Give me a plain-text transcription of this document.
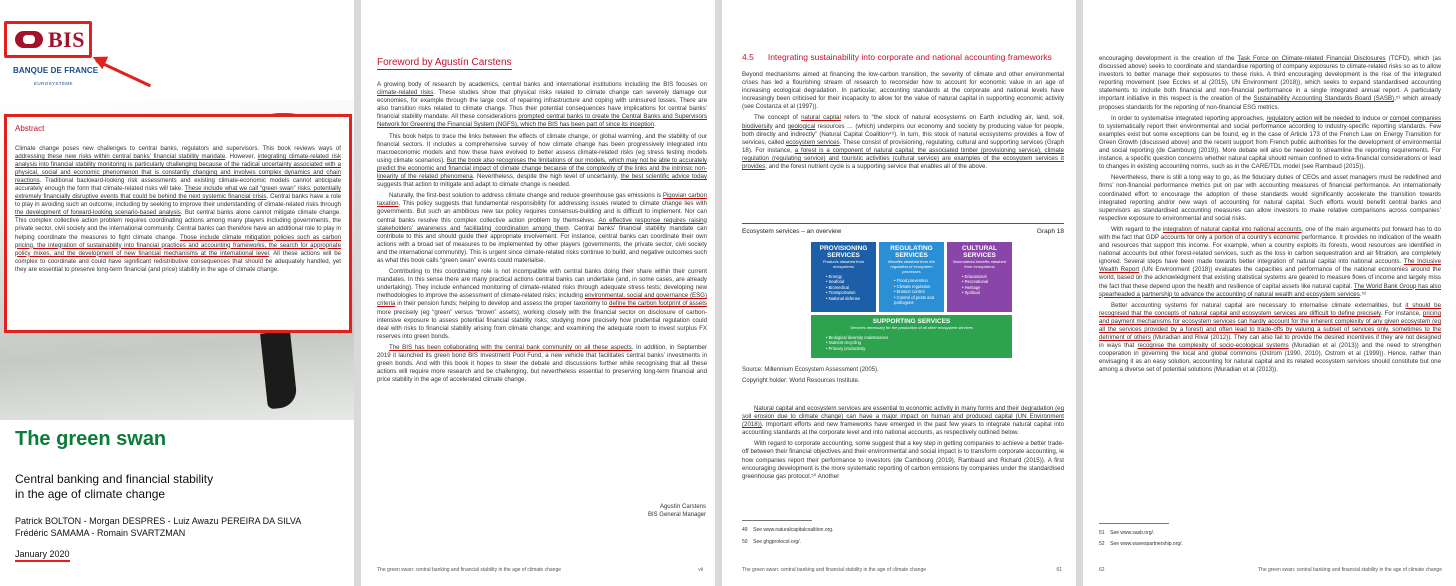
BIS
BANQUE DE FRANCE
EUROSYSTÈME
Abstract

Climate change poses new challenges to central banks, regulators and supervisors. This book reviews ways of addressing these new risks within central banks’ financial stability mandate. However, integrating climate-related risk analysis into financial stability monitoring is particularly challenging because of the radical uncertainty associated with a physical, social and economic phenomenon that is constantly changing and involves complex dynamics and chain reactions. Traditional backward-looking risk assessments and existing climate-economic models cannot anticipate accurately enough the form that climate-related risks will take. These include what we call “green swan” risks: potentially extremely financially disruptive events that could be behind the next systemic financial crisis. Central banks have a role to play in avoiding such an outcome, including by seeking to improve their understanding of climate-related risks through the development of forward-looking scenario-based analysis. But central banks alone cannot mitigate climate change. This complex collective action problem requires coordinating actions among many players including governments, the private sector, civil society and the international community. Central banks can therefore have an additional role to play in helping coordinate the measures to fight climate change. Those include climate mitigation policies such as carbon pricing, the integration of sustainability into financial practices and accounting frameworks, the search for appropriate policy mixes, and the development of new financial mechanisms at the international level. All these actions will be complex to coordinate and could have significant redistributive consequences that should be adequately handled, yet they are essential to preserve long-term financial (and price) stability in the age of climate change.

The green swan
Central banking and financial stability
in the age of climate change
Patrick BOLTON - Morgan DESPRES - Luiz Awazu PEREIRA DA SILVA
Frédéric SAMAMA - Romain SVARTZMAN
January 2020
Foreword by Agustín Carstens

A growing body of research by academics, central banks and international institutions including the BIS focuses on climate-related risks. These studies show that physical risks related to climate change can severely damage our economies, for example through the large cost of repairing infrastructure and coping with uninsured losses. There are also transition risks related to climate change. Thus their potential consequences have implications for central banks’ financial stability mandate. All these considerations prompted central banks to create the Central Banks and Supervisors Network for Greening the Financial System (NGFS), which the BIS has been part of since its inception.

This book helps to trace the links between the effects of climate change, or global warming, and the stability of our financial sectors. It includes a comprehensive survey of how climate change has been progressively integrated into macroeconomic models and how these have evolved to better assess climate-related risks (eg stress testing models using climate scenarios). But the book also recognises the limitations of our models, which may not be able to accurately predict the economic and financial impact of climate change because of the complexity of the links and the intrinsic non-linearity of the related phenomena. Nevertheless, despite the high level of uncertainty, the best scientific advice today suggests that action to mitigate and adapt to climate change is needed.

Naturally, the first-best solution to address climate change and reduce greenhouse gas emissions is Pigovian carbon taxation. This policy suggests that fundamental responsibility for addressing issues related to climate change lies with governments. But such an ambitious new tax policy requires consensus-building and is difficult to implement. Nor can central banks resolve this complex collective action problem by themselves. An effective response requires raising stakeholders’ awareness and facilitating coordination among them. Central banks’ financial stability mandate can contribute to this and should guide their appropriate involvement. For instance, central banks can coordinate their own actions with a broad set of measures to be implemented by other players (governments, the private sector, civil society and the international community). This is urgent since climate-related risks continue to build, and negative outcomes such as what this book calls “green swan” events could materialise.

Contributing to this coordinating role is not incompatible with central banks doing their share within their current mandates. In this sense there are many practical actions central banks can undertake (and, in some cases, are already undertaking). They include enhanced monitoring of climate-related risks through adequate stress tests; developing new methodologies to improve the assessment of climate-related risks; including environmental, social and governance (ESG) criteria in their pension funds; helping to develop and assess the proper taxonomy to define the carbon footprint of assets more precisely (eg “green” versus “brown” assets); working closely with the financial sector on disclosure of carbon-intensive exposure to assess potential financial stability risks; studying more precisely how prudential regulation could deal with risks to financial stability arising from climate change; and examining the adequate room to invest surplus FX reserves into green bonds.

The BIS has been collaborating with the central bank community on all these aspects. In addition, in September 2019 it launched its green bond BIS Investment Pool Fund, a new vehicle that facilitates central banks’ investments in green bonds. And with this book it hopes to steer the debate and discussions further while recognising that all these actions will require more research and be challenging, but nevertheless essential to preserving long-term financial and price stability in the age of accelerated climate change.

Agustín Carstens
BIS General Manager
The green swan: central banking and financial stability in the age of climate change	vii
4.5 Integrating sustainability into corporate and national accounting frameworks

Beyond mechanisms aimed at financing the low-carbon transition, the severity of climate and other environmental crises has led a flourishing stream of research to reconsider how to account for economic value in an age of increasing ecological degradation. In particular, accounting standards at the corporate and national levels have increasingly been criticised for their incapacity to allow for the value of natural capital in supporting economic activity (see Costanza et al (1997)).

The concept of natural capital refers to “the stock of natural ecosystems on Earth including air, land, soil, biodiversity and geological resources … (which) underpins our economy and society by producing value for people, both directly and indirectly” (Natural Capital Coalition⁴⁹). In turn, this stock of natural ecosystems provides a flow of services, called ecosystem services. These consist of provisioning, regulating, cultural and supporting services (Graph 18). For instance, a forest is a component of natural capital; the associated timber (provisioning service), climate regulation (regulating service) and touristic activities (cultural service) are examples of the ecosystem services it provides; and the forest nutrient cycle is a supporting service that enables all of the above.

Ecosystem services – an overview	Graph 18
PROVISIONING SERVICES
Products obtained from ecosystems
• Energy
• Seafood
• Biomedical
• Transportation
• National defense
REGULATING SERVICES
Benefits obtained from the regulation of ecosystem processes
• Flood prevention
• Climate regulation
• Erosion control
• Control of pests and pathogens
CULTURAL SERVICES
Nonmaterial benefits obtained from ecosystems
• Educational
• Recreational
• Heritage
• Spiritual
SUPPORTING SERVICES
Services necessary for the production of all other ecosystem services
• Biological diversity maintenance
• Nutrient recycling
• Primary productivity
Source: Millennium Ecosystem Assessment (2005).
Copyright holder: World Resources Institute.

Natural capital and ecosystem services are essential to economic activity in many forms and their degradation (eg soil erosion due to climate change) can have a major impact on human and produced capital (UN Environment (2018)). Important efforts and new frameworks have emerged in the past few years to integrate natural capital into accounting standards at the corporate level and into national accounts, as respectively outlined below.

With regard to corporate accounting, some suggest that a key step in getting companies to achieve a better trade-off between their financial objectives and their environmental and social impact is to transform corporate accounting, ie how companies report their performance to investors (de Cambourg (2019), Rambaud and Richard (2015)). A first encouraging development is the more systematic reporting of carbon emissions by companies under the standardised greenhouse gas protocol.⁵⁰ Another

49 See www.naturalcapitalcoalition.org.
50 See ghgprotocol.org/.
The green swan: central banking and financial stability in the age of climate change	61

encouraging development is the creation of the Task Force on Climate-related Financial Disclosures (TCFD), which (as discussed above) seeks to coordinate and standardise reporting of company exposures to climate-related risks so as to allow investors to better manage their exposures to these risks. A third encouraging development is the rise of the integrated reporting movement (see Eccles et al (2015), UN Environment (2018)), which seeks to expand standardised accounting statements to include both financial and non-financial performance in a single integrated annual report. A particularly important initiative in this respect is the creation of the Sustainability Accounting Standards Board (SASB),⁵¹ which already proposes standards for the reporting of non-financial ESG metrics.

In order to systematise integrated reporting approaches, regulatory action will be needed to induce or compel companies to systematically report their environmental and social performance according to industry-specific reporting standards. Few examples exist but some exceptions can be found, eg in the case of Article 173 of the French Law on Energy Transition for Green Growth (discussed above) and the recent support from French public authorities for the development of environmental and social reporting (de Cambourg (2019)). More debate will also be needed to streamline the reporting requirements. For instance, a specific question concerns whether natural capital should remain confined to extra-financial considerations or lead to changes in existing accounting norms, such as in the CARE/TDL model (see Rambaud (2015)).

Nevertheless, there is still a long way to go, as the fiduciary duties of CEOs and asset managers must be redefined and firms’ non-financial performance metrics put on par with accounting measures of financial performance. An internationally coordinated effort to encourage the adoption of these standards would significantly accelerate the transition towards integrated reporting and/or new ways of accounting for natural capital. Such efforts would benefit central banks and supervisors as standardised accounting measures can allow investors to make relative comparisons across companies’ respective exposure to environmental and social risks.

With regard to the integration of natural capital into national accounts, one of the main arguments put forward has to do with the fact that GDP accounts for only a portion of a country’s economic performance. It provides no indication of the wealth and resources that support this income. For example, when a country exploits its forests, wood resources are identified in national accounts but other forest-related services, such as the loss in carbon sequestration and air filtration, are completely ignored. Several steps have been made towards better integration of natural capital into national accounts. The Inclusive Wealth Report (UN Environment (2018)) evaluates the capacities and performance of the national economies around the world, based on the acknowledgment that existing statistical systems are geared to measure flows of income and largely miss the fact that these depend upon the health and resilience of capital assets like natural capital. The World Bank Group has also spearheaded a partnership to advance the accounting of natural wealth and ecosystem services.⁵²

Better accounting systems for natural capital are necessary to internalise climate externalities, but it should be recognised that the concepts of natural capital and ecosystem services are difficult to define precisely. For instance, pricing and payment mechanisms for ecosystem services can hardly account for the inherent complexity of any given ecosystem (eg all the services provided by a forest) and often lead to trade-offs by valuing a subset of services only, sometimes to the detriment of others (Muradian and Rival (2012)). They can also fail to provide the desired incentives if they are not designed in ways that recognise the complexity of socio-ecological systems (Muradian et al (2013)) and the need to strengthen cooperation in governing the local and global commons (Ostrom (1990, 2010), Ostrom et al (1999)). Hence, rather than envisaging it as an easy solution, accounting for natural capital and its related ecosystem services should constitute but one among a diverse set of potential solutions (Muradian et al (2013)).

51 See www.sasb.org/.
52 See www.wavespartnership.org/.
62	The green swan: central banking and financial stability in the age of climate change
